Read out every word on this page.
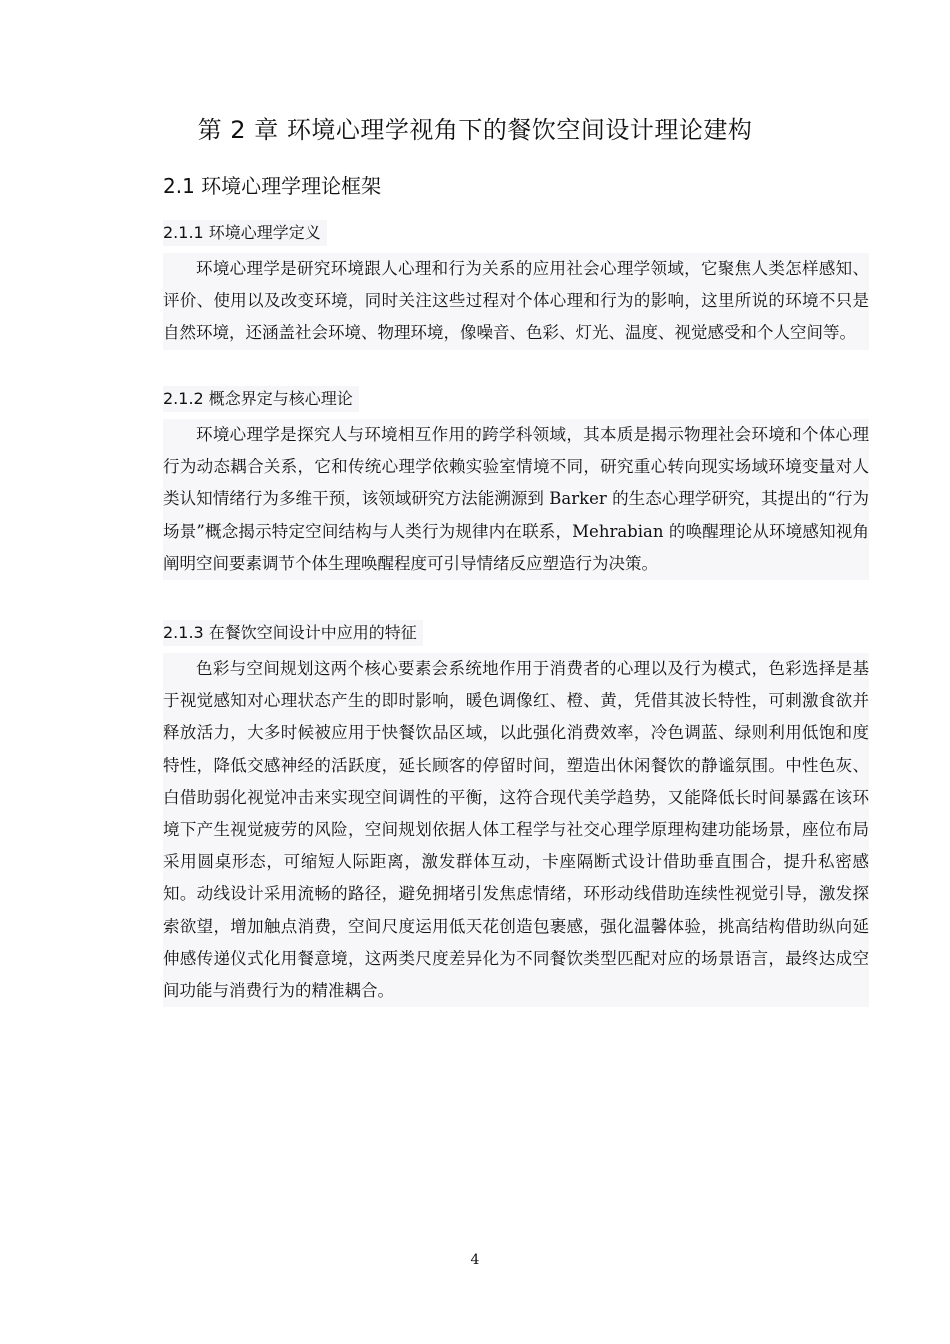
第 2 章 环境心理学视角下的餐饮空间设计理论建构
2.1 环境心理学理论框架
2.1.1 环境心理学定义

环境心理学是研究环境跟人心理和行为关系的应用社会心理学领域，它聚焦人类怎样感知、评价、使用以及改变环境，同时关注这些过程对个体心理和行为的影响，这里所说的环境不只是自然环境，还涵盖社会环境、物理环境，像噪音、色彩、灯光、温度、视觉感受和个人空间等。

2.1.2 概念界定与核心理论

环境心理学是探究人与环境相互作用的跨学科领域，其本质是揭示物理社会环境和个体心理行为动态耦合关系，它和传统心理学依赖实验室情境不同，研究重心转向现实场域环境变量对人类认知情绪行为多维干预，该领域研究方法能溯源到 Barker 的生态心理学研究，其提出的“行为场景”概念揭示特定空间结构与人类行为规律内在联系，Mehrabian 的唤醒理论从环境感知视角阐明空间要素调节个体生理唤醒程度可引导情绪反应塑造行为决策。

2.1.3 在餐饮空间设计中应用的特征

色彩与空间规划这两个核心要素会系统地作用于消费者的心理以及行为模式，色彩选择是基于视觉感知对心理状态产生的即时影响，暖色调像红、橙、黄，凭借其波长特性，可刺激食欲并释放活力，大多时候被应用于快餐饮品区域，以此强化消费效率，冷色调蓝、绿则利用低饱和度特性，降低交感神经的活跃度，延长顾客的停留时间，塑造出休闲餐饮的静谧氛围。中性色灰、白借助弱化视觉冲击来实现空间调性的平衡，这符合现代美学趋势，又能降低长时间暴露在该环境下产生视觉疲劳的风险，空间规划依据人体工程学与社交心理学原理构建功能场景，座位布局采用圆桌形态，可缩短人际距离，激发群体互动，卡座隔断式设计借助垂直围合，提升私密感知。动线设计采用流畅的路径，避免拥堵引发焦虑情绪，环形动线借助连续性视觉引导，激发探索欲望，增加触点消费，空间尺度运用低天花创造包裹感，强化温馨体验，挑高结构借助纵向延伸感传递仪式化用餐意境，这两类尺度差异化为不同餐饮类型匹配对应的场景语言，最终达成空间功能与消费行为的精准耦合。

4
